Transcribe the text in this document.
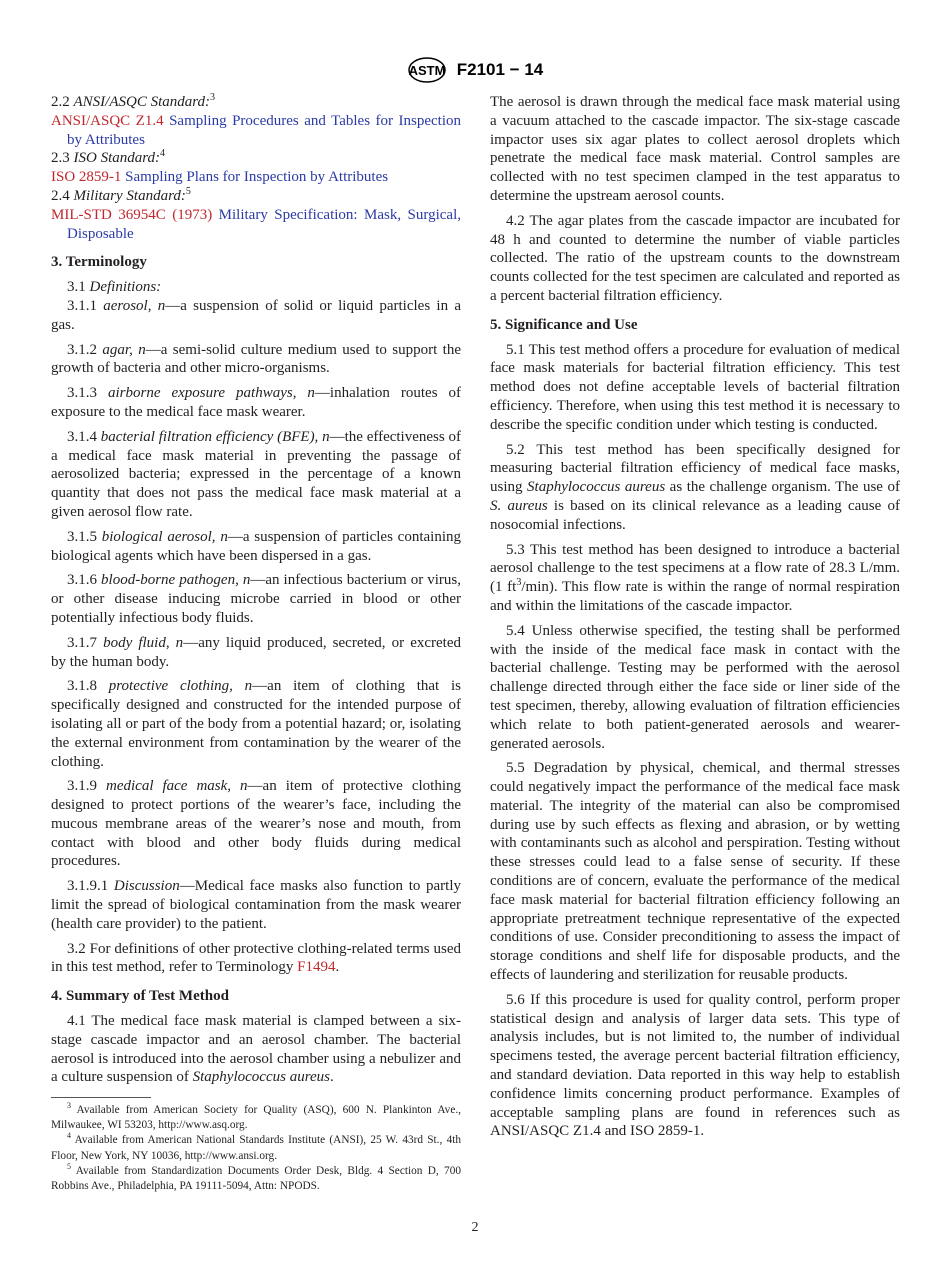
ASTM F2101 − 14
2.2 ANSI/ASQC Standard:$^3$
ANSI/ASQC Z1.4 Sampling Procedures and Tables for Inspection by Attributes
2.3 ISO Standard:$^4$
ISO 2859-1 Sampling Plans for Inspection by Attributes
2.4 Military Standard:$^5$
MIL-STD 36954C (1973) Military Specification: Mask, Surgical, Disposable
3. Terminology
3.1 Definitions:
3.1.1 aerosol, n—a suspension of solid or liquid particles in a gas.
3.1.2 agar, n—a semi-solid culture medium used to support the growth of bacteria and other micro-organisms.
3.1.3 airborne exposure pathways, n—inhalation routes of exposure to the medical face mask wearer.
3.1.4 bacterial filtration efficiency (BFE), n—the effectiveness of a medical face mask material in preventing the passage of aerosolized bacteria; expressed in the percentage of a known quantity that does not pass the medical face mask material at a given aerosol flow rate.
3.1.5 biological aerosol, n—a suspension of particles containing biological agents which have been dispersed in a gas.
3.1.6 blood-borne pathogen, n—an infectious bacterium or virus, or other disease inducing microbe carried in blood or other potentially infectious body fluids.
3.1.7 body fluid, n—any liquid produced, secreted, or excreted by the human body.
3.1.8 protective clothing, n—an item of clothing that is specifically designed and constructed for the intended purpose of isolating all or part of the body from a potential hazard; or, isolating the external environment from contamination by the wearer of the clothing.
3.1.9 medical face mask, n—an item of protective clothing designed to protect portions of the wearer’s face, including the mucous membrane areas of the wearer’s nose and mouth, from contact with blood and other body fluids during medical procedures.
3.1.9.1 Discussion—Medical face masks also function to partly limit the spread of biological contamination from the mask wearer (health care provider) to the patient.
3.2 For definitions of other protective clothing-related terms used in this test method, refer to Terminology F1494.
4. Summary of Test Method
4.1 The medical face mask material is clamped between a six-stage cascade impactor and an aerosol chamber. The bacterial aerosol is introduced into the aerosol chamber using a nebulizer and a culture suspension of Staphylococcus aureus.
The aerosol is drawn through the medical face mask material using a vacuum attached to the cascade impactor. The six-stage cascade impactor uses six agar plates to collect aerosol droplets which penetrate the medical face mask material. Control samples are collected with no test specimen clamped in the test apparatus to determine the upstream aerosol counts.
4.2 The agar plates from the cascade impactor are incubated for 48 h and counted to determine the number of viable particles collected. The ratio of the upstream counts to the downstream counts collected for the test specimen are calculated and reported as a percent bacterial filtration efficiency.
5. Significance and Use
5.1 This test method offers a procedure for evaluation of medical face mask materials for bacterial filtration efficiency. This test method does not define acceptable levels of bacterial filtration efficiency. Therefore, when using this test method it is necessary to describe the specific condition under which testing is conducted.
5.2 This test method has been specifically designed for measuring bacterial filtration efficiency of medical face masks, using Staphylococcus aureus as the challenge organism. The use of S. aureus is based on its clinical relevance as a leading cause of nosocomial infections.
5.3 This test method has been designed to introduce a bacterial aerosol challenge to the test specimens at a flow rate of 28.3 L/mm. (1 $ft^3/\min$). This flow rate is within the range of normal respiration and within the limitations of the cascade impactor.
5.4 Unless otherwise specified, the testing shall be performed with the inside of the medical face mask in contact with the bacterial challenge. Testing may be performed with the aerosol challenge directed through either the face side or liner side of the test specimen, thereby, allowing evaluation of filtration efficiencies which relate to both patient-generated aerosols and wearer-generated aerosols.
5.5 Degradation by physical, chemical, and thermal stresses could negatively impact the performance of the medical face mask material. The integrity of the material can also be compromised during use by such effects as flexing and abrasion, or by wetting with contaminants such as alcohol and perspiration. Testing without these stresses could lead to a false sense of security. If these conditions are of concern, evaluate the performance of the medical face mask material for bacterial filtration efficiency following an appropriate pretreatment technique representative of the expected conditions of use. Consider preconditioning to assess the impact of storage conditions and shelf life for disposable products, and the effects of laundering and sterilization for reusable products.
5.6 If this procedure is used for quality control, perform proper statistical design and analysis of larger data sets. This type of analysis includes, but is not limited to, the number of individual specimens tested, the average percent bacterial filtration efficiency, and standard deviation. Data reported in this way help to establish confidence limits concerning product performance. Examples of acceptable sampling plans are found in references such as ANSI/ASQC Z1.4 and ISO 2859-1.
$^3$ Available from American Society for Quality (ASQ), 600 N. Plankinton Ave., Milwaukee, WI 53203, http://www.asq.org.
$^4$ Available from American National Standards Institute (ANSI), 25 W. 43rd St., 4th Floor, New York, NY 10036, http://www.ansi.org.
$^5$ Available from Standardization Documents Order Desk, Bldg. 4 Section D, 700 Robbins Ave., Philadelphia, PA 19111-5094, Attn: NPODS.
2
